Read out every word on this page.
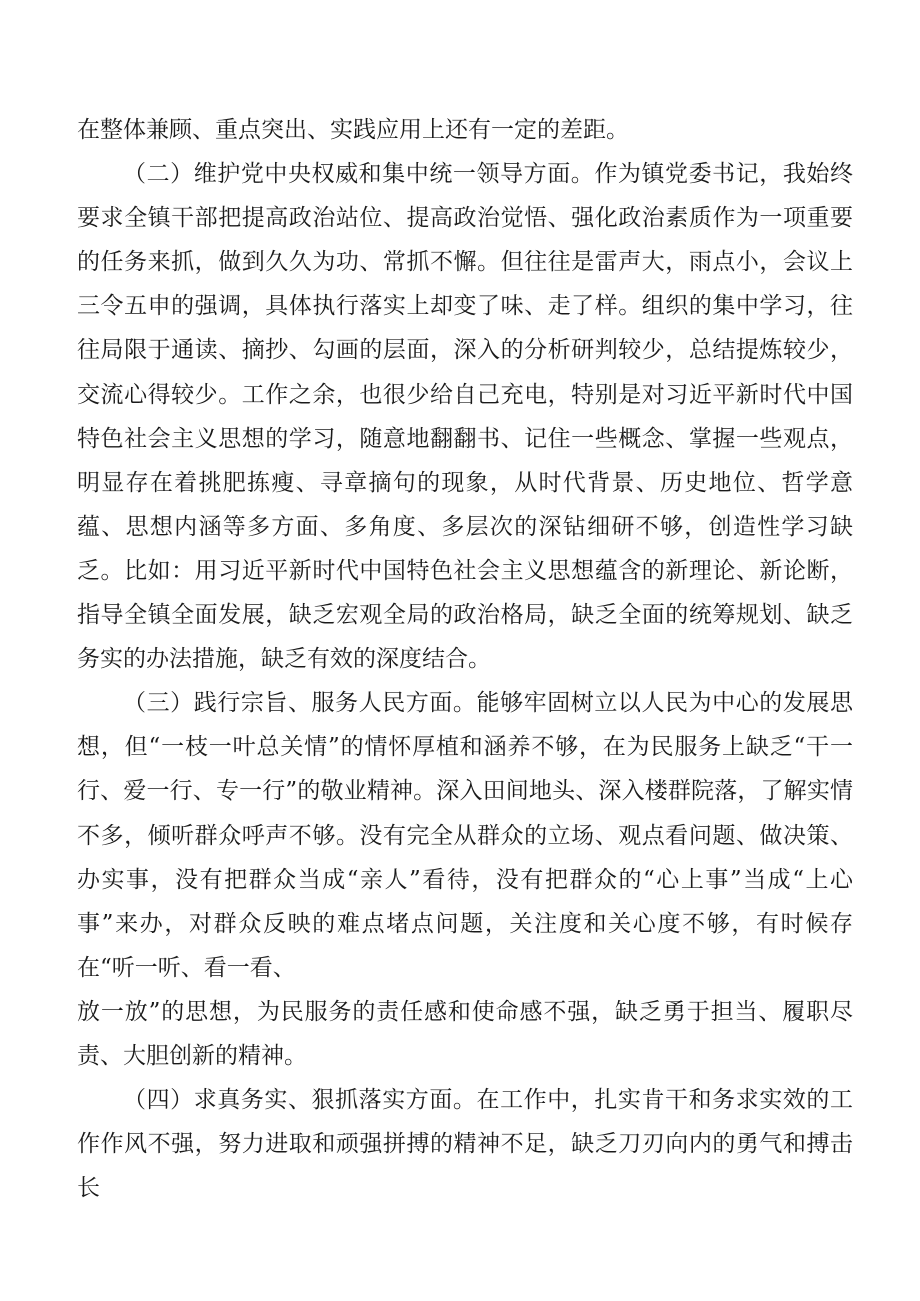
在整体兼顾、重点突出、实践应用上还有一定的差距。

（二）维护党中央权威和集中统一领导方面。作为镇党委书记，我始终要求全镇干部把提高政治站位、提高政治觉悟、强化政治素质作为一项重要的任务来抓，做到久久为功、常抓不懈。但往往是雷声大，雨点小，会议上三令五申的强调，具体执行落实上却变了味、走了样。组织的集中学习，往往局限于通读、摘抄、勾画的层面，深入的分析研判较少，总结提炼较少，交流心得较少。工作之余，也很少给自己充电，特别是对习近平新时代中国特色社会主义思想的学习，随意地翻翻书、记住一些概念、掌握一些观点，明显存在着挑肥拣瘦、寻章摘句的现象，从时代背景、历史地位、哲学意蕴、思想内涵等多方面、多角度、多层次的深钻细研不够，创造性学习缺乏。比如：用习近平新时代中国特色社会主义思想蕴含的新理论、新论断，指导全镇全面发展，缺乏宏观全局的政治格局，缺乏全面的统筹规划、缺乏务实的办法措施，缺乏有效的深度结合。

（三）践行宗旨、服务人民方面。能够牢固树立以人民为中心的发展思想，但“一枝一叶总关情”的情怀厚植和涵养不够，在为民服务上缺乏“干一行、爱一行、专一行”的敬业精神。深入田间地头、深入楼群院落，了解实情不多，倾听群众呼声不够。没有完全从群众的立场、观点看问题、做决策、办实事，没有把群众当成“亲人”看待，没有把群众的“心上事”当成“上心事”来办，对群众反映的难点堵点问题，关注度和关心度不够，有时候存在“听一听、看一看、
放一放”的思想，为民服务的责任感和使命感不强，缺乏勇于担当、履职尽责、大胆创新的精神。

（四）求真务实、狠抓落实方面。在工作中，扎实肯干和务求实效的工作作风不强，努力进取和顽强拼搏的精神不足，缺乏刀刃向内的勇气和搏击长
